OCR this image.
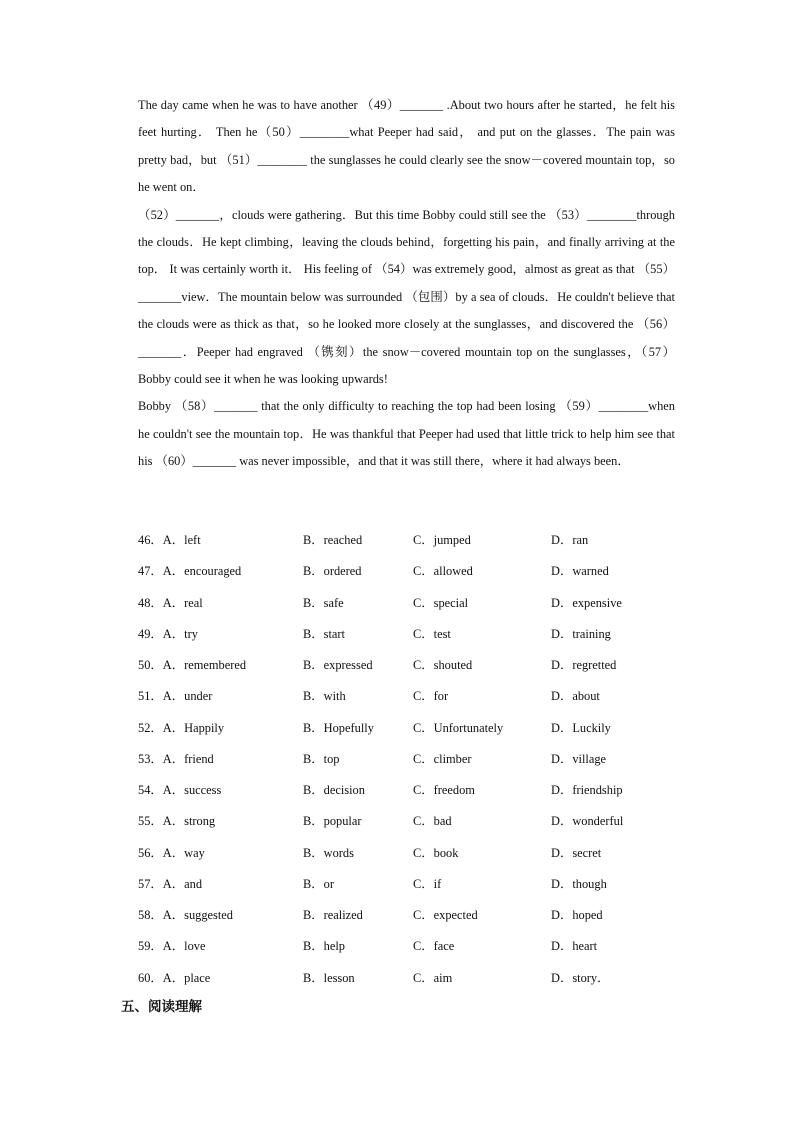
The day came when he was to have another （49）_______ .About two hours after he started，he felt his feet hurting． Then he（50）________what Peeper had said， and put on the glasses．The pain was pretty bad，but （51）________ the sunglasses he could clearly see the snow－covered mountain top，so he went on．

（52）_______，clouds were gathering．But this time Bobby could still see the （53）________through the clouds．He kept climbing，leaving the clouds behind，forgetting his pain，and finally arriving at the top． It was certainly worth it． His feeling of （54）was extremely good，almost as great as that （55）_______view．The mountain below was surrounded （包围）by a sea of clouds．He couldn't believe that the clouds were as thick as that，so he looked more closely at the sunglasses，and discovered the （56）_______．Peeper had engraved （镌刻）the snow－covered mountain top on the sunglasses，（57）Bobby could see it when he was looking upwards!

Bobby （58）_______ that the only difficulty to reaching the top had been losing （59）________when he couldn't see the mountain top．He was thankful that Peeper had used that little trick to help him see that his （60）_______ was never impossible，and that it was still there，where it had always been．

46．A．left	B．reached	C．jumped	D．ran
47．A．encouraged	B．ordered	C．allowed	D．warned
48．A．real	B．safe	C．special	D．expensive
49．A．try	B．start	C．test	D．training
50．A．remembered	B．expressed	C．shouted	D．regretted
51．A．under	B．with	C．for	D．about
52．A．Happily	B．Hopefully	C．Unfortunately	D．Luckily
53．A．friend	B．top	C．climber	D．village
54．A．success	B．decision	C．freedom	D．friendship
55．A．strong	B．popular	C．bad	D．wonderful
56．A．way	B．words	C．book	D．secret
57．A．and	B．or	C．if	D．though
58．A．suggested	B．realized	C．expected	D．hoped
59．A．love	B．help	C．face	D．heart
60．A．place	B．lesson	C．aim	D．story．
五、阅读理解
